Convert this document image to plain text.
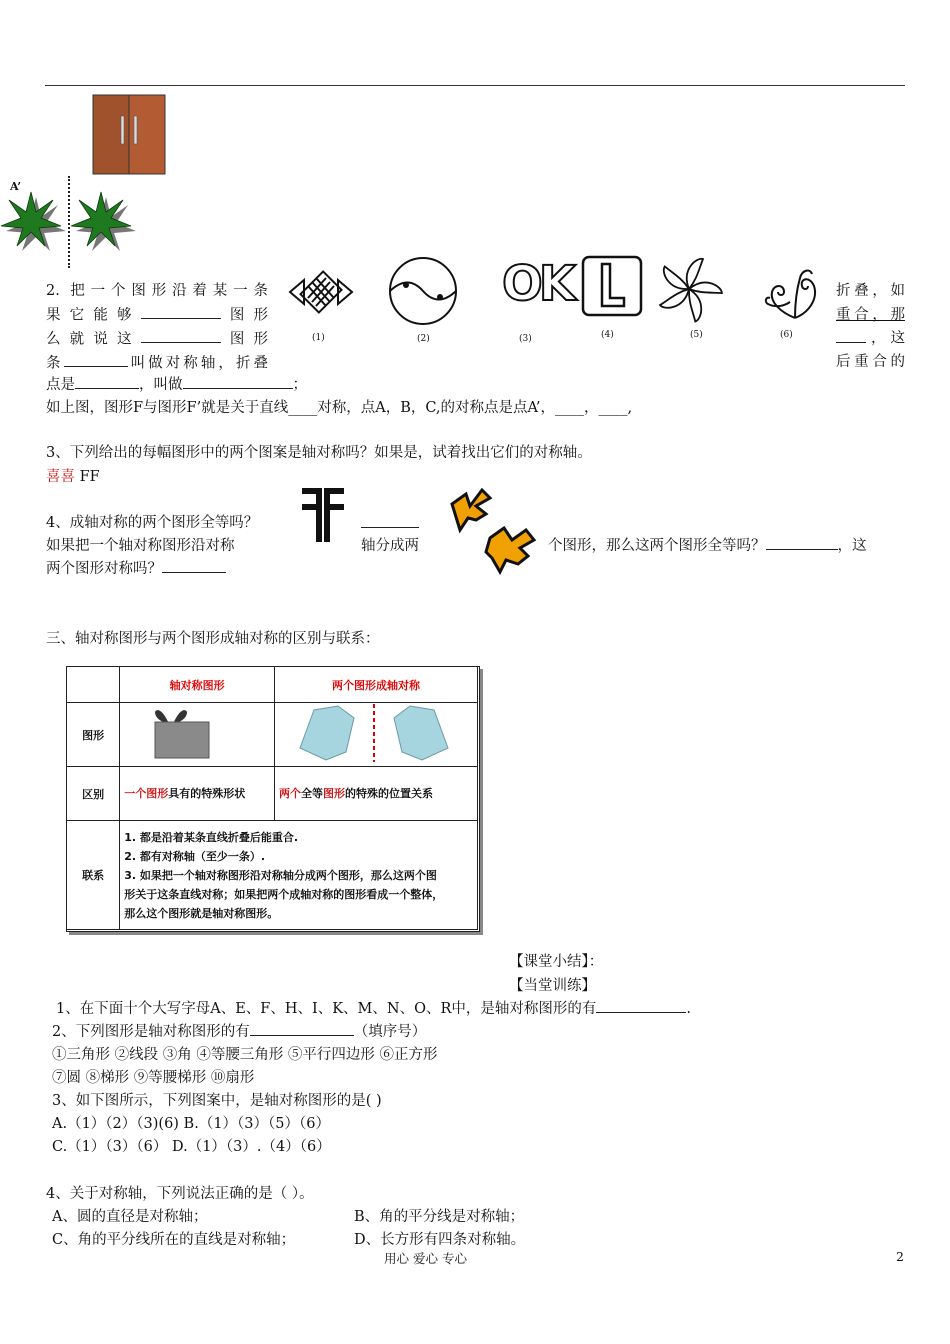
A’
2. 把一个图形沿着某一条
果它能够	图形
么就说这	图形
条	叫做对称轴，折叠
点是	，叫做	；
折叠，如
重合，那
，这
后重合的
OK
(1)	(2)	(3)	(4)	(5)	(6)
如上图，图形F与图形F’就是关于直线____对称，点A，B，C,的对称点是点A’，____，____,
3、下列给出的每幅图形中的两个图案是轴对称吗？如果是，试着找出它们的对称轴。
喜喜 FF
4、成轴对称的两个图形全等吗？
如果把一个轴对称图形沿对称	轴分成两	个图形，那么这两个图形全等吗？	，这
两个图形对称吗？
三、轴对称图形与两个图形成轴对称的区别与联系：
	轴对称图形	两个图形成轴对称
图形		
区别	一个图形具有的特殊形状	两个全等图形的特殊的位置关系
联系	1. 都是沿着某条直线折叠后能重合.
2. 都有对称轴（至少一条）.
3. 如果把一个轴对称图形沿对称轴分成两个图形，那么这两个图形关于这条直线对称；如果把两个成轴对称的图形看成一个整体，那么这个图形就是轴对称图形。	
【课堂小结】：
【当堂训练】
1、在下面十个大写字母A、E、F、H、I、K、M、N、O、R中，是轴对称图形的有	.
2、下列图形是轴对称图形的有	（填序号）
①三角形 ②线段 ③角 ④等腰三角形 ⑤平行四边形 ⑥正方形
⑦圆 ⑧梯形 ⑨等腰梯形 ⑩扇形
3、如下图所示，下列图案中，是轴对称图形的是( )
A.（1）（2）（3)(6) B.（1）（3）（5）（6）
C.（1）（3）（6） D.（1）（3）.（4）（6）
4、关于对称轴，下列说法正确的是（ ）。
A、圆的直径是对称轴；	B、角的平分线是对称轴；
C、角的平分线所在的直线是对称轴；	D、长方形有四条对称轴。
用心 爱心 专心	2
